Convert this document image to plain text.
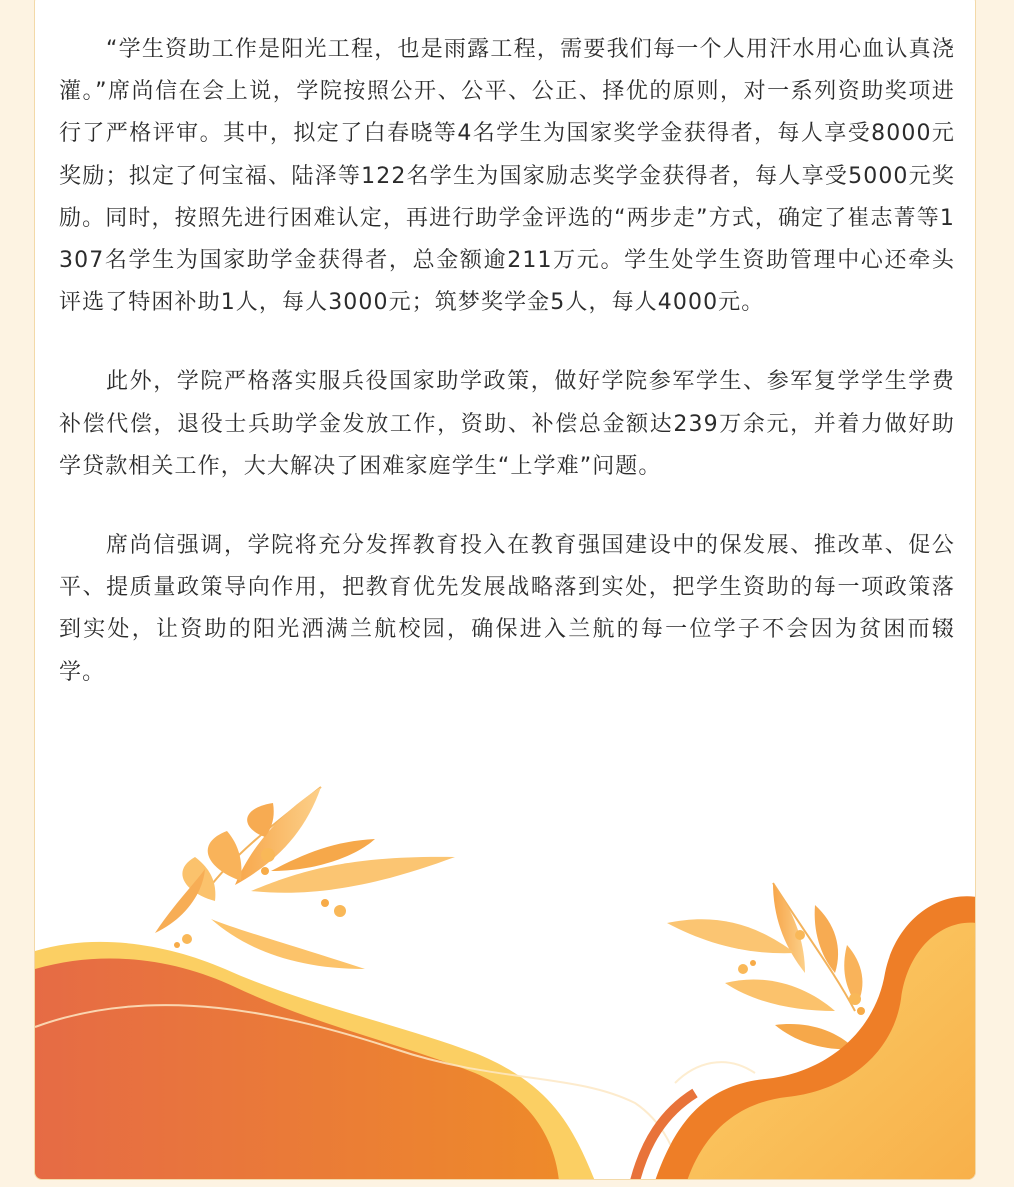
“学生资助工作是阳光工程，也是雨露工程，需要我们每一个人用汗水用心血认真浇灌。”席尚信在会上说，学院按照公开、公平、公正、择优的原则，对一系列资助奖项进行了严格评审。其中，拟定了白春晓等4名学生为国家奖学金获得者，每人享受8000元奖励；拟定了何宝福、陆泽等122名学生为国家励志奖学金获得者，每人享受5000元奖励。同时，按照先进行困难认定，再进行助学金评选的“两步走”方式，确定了崔志菁等1307名学生为国家助学金获得者，总金额逾211万元。学生处学生资助管理中心还牵头评选了特困补助1人，每人3000元；筑梦奖学金5人，每人4000元。

此外，学院严格落实服兵役国家助学政策，做好学院参军学生、参军复学学生学费补偿代偿，退役士兵助学金发放工作，资助、补偿总金额达239万余元，并着力做好助学贷款相关工作，大大解决了困难家庭学生“上学难”问题。

席尚信强调，学院将充分发挥教育投入在教育强国建设中的保发展、推改革、促公平、提质量政策导向作用，把教育优先发展战略落到实处，把学生资助的每一项政策落到实处，让资助的阳光洒满兰航校园，确保进入兰航的每一位学子不会因为贫困而辍学。
